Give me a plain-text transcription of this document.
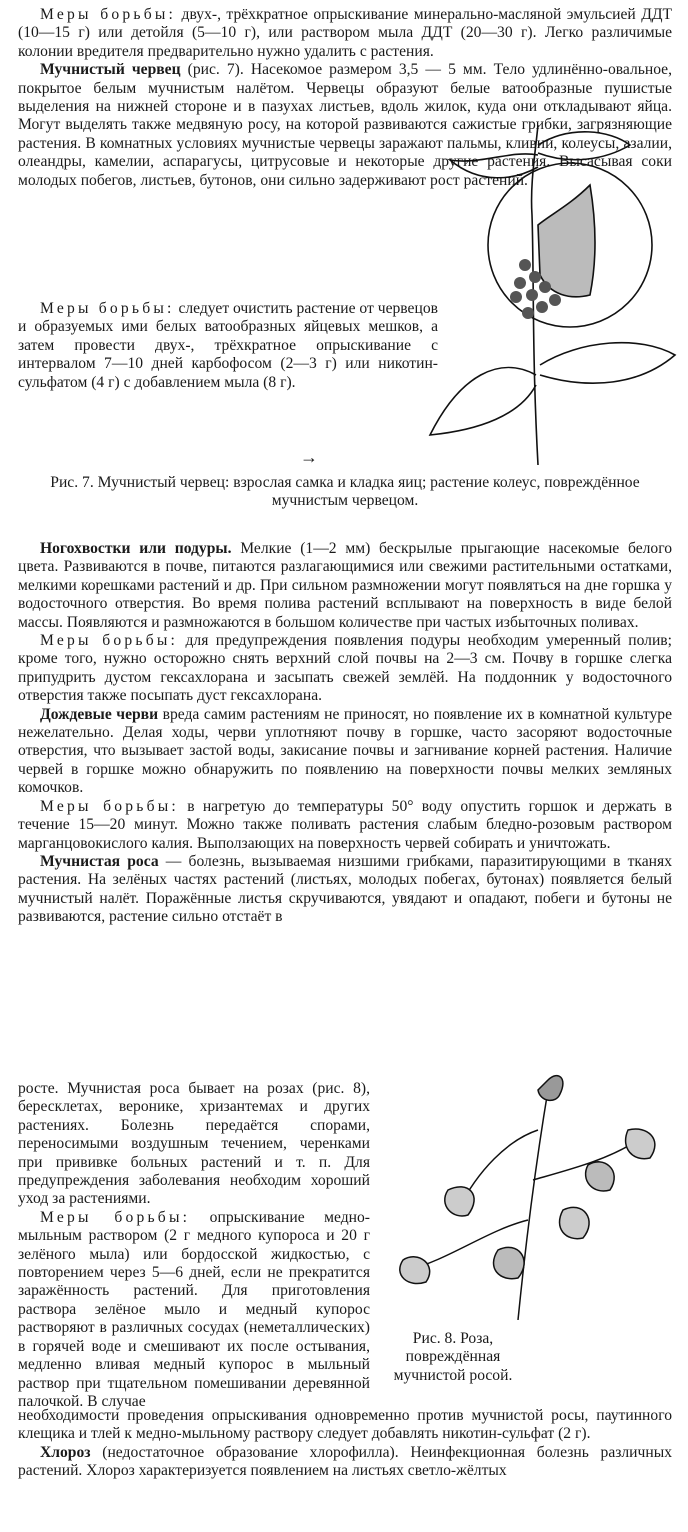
Меры борьбы: двух-, трёхкратное опрыскивание минерально-масляной эмульсией ДДТ (10—15 г) или детойля (5—10 г), или раствором мыла ДДТ (20—30 г). Легко различимые колонии вредителя предварительно нужно удалить с растения.

Мучнистый червец (рис. 7). Насекомое размером 3,5 — 5 мм. Тело удлинённо-овальное, покрытое белым мучнистым налётом. Червецы образуют белые ватообразные пушистые выделения на нижней стороне и в пазухах листьев, вдоль жилок, куда они откладывают яйца. Могут выделять также медвяную росу, на которой развиваются сажистые грибки, загрязняющие растения. В комнатных условиях мучнистые червецы заражают пальмы, кливии, колеусы, азалии, олеандры, камелии, аспарагусы, цитрусовые и некоторые другие растения. Высасывая соки молодых побегов, листьев, бутонов, они сильно задерживают рост растений.

Меры борьбы: следует очистить растение от червецов и образуемых ими белых ватообразных яйцевых мешков, а затем провести двух-, трёхкратное опрыскивание с интервалом 7—10 дней карбофосом (2—3 г) или никотин-сульфатом (4 г) с добавлением мыла (8 г).

→
Рис. 7. Мучнистый червец: взрослая самка и кладка яиц; растение колеус, повреждённое мучнистым червецом.

Ногохвостки или подуры. Мелкие (1—2 мм) бескрылые прыгающие насекомые белого цвета. Развиваются в почве, питаются разлагающимися или свежими растительными остатками, мелкими корешками растений и др. При сильном размножении могут появляться на дне горшка у водосточного отверстия. Во время полива растений всплывают на поверхность в виде белой массы. Появляются и размножаются в большом количестве при частых избыточных поливах.

Меры борьбы: для предупреждения появления подуры необходим умеренный полив; кроме того, нужно осторожно снять верхний слой почвы на 2—3 см. Почву в горшке слегка припудрить дустом гексахлорана и засыпать свежей землёй. На поддонник у водосточного отверстия также посыпать дуст гексахлорана.

Дождевые черви вреда самим растениям не приносят, но появление их в комнатной культуре нежелательно. Делая ходы, черви уплотняют почву в горшке, часто засоряют водосточные отверстия, что вызывает застой воды, закисание почвы и загнивание корней растения. Наличие червей в горшке можно обнаружить по появлению на поверхности почвы мелких земляных комочков.

Меры борьбы: в нагретую до температуры 50° воду опустить горшок и держать в течение 15—20 минут. Можно также поливать растения слабым бледно-розовым раствором марганцовокислого калия. Выползающих на поверхность червей собирать и уничтожать.

Мучнистая роса — болезнь, вызываемая низшими грибками, паразитирующими в тканях растения. На зелёных частях растений (листьях, молодых побегах, бутонах) появляется белый мучнистый налёт. Поражённые листья скручиваются, увядают и опадают, побеги и бутоны не развиваются, растение сильно отстаёт в

росте. Мучнистая роса бывает на розах (рис. 8), бересклетах, веронике, хризантемах и других растениях. Болезнь передаётся спорами, переносимыми воздушным течением, черенками при прививке больных растений и т. п. Для предупреждения заболевания необходим хороший уход за растениями.

Меры борьбы: опрыскивание медно-мыльным раствором (2 г медного купороса и 20 г зелёного мыла) или бордосской жидкостью, с повторением через 5—6 дней, если не прекратится заражённость растений. Для приготовления раствора зелёное мыло и медный купорос растворяют в различных сосудах (неметаллических) в горячей воде и смешивают их после остывания, медленно вливая медный купорос в мыльный раствор при тщательном помешивании деревянной палочкой. В случае

Рис. 8. Роза, повреждённая мучнистой росой.

необходимости проведения опрыскивания одновременно против мучнистой росы, паутинного клещика и тлей к медно-мыльному раствору следует добавлять никотин-сульфат (2 г).

Хлороз (недостаточное образование хлорофилла). Неинфекционная болезнь различных растений. Хлороз характеризуется появлением на листьях светло-жёлтых
